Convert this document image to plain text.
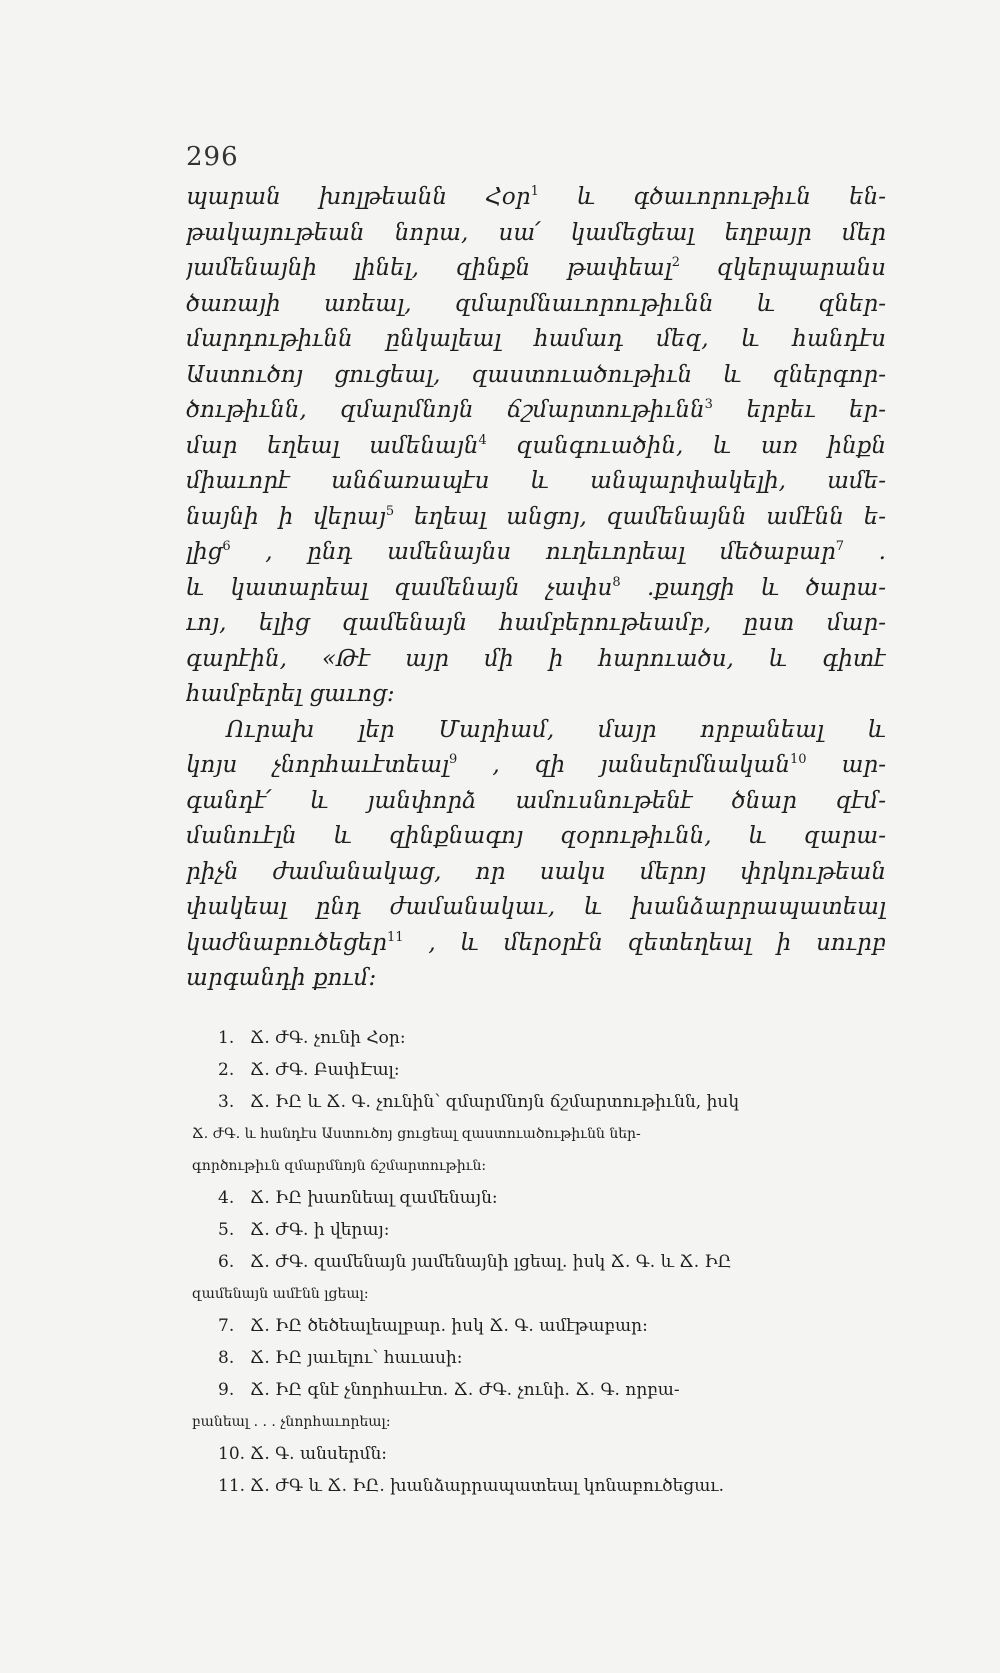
296
պարան խոլթեանն Հօր$^1$ և գծաւորութիւն են-
թակայութեան նորա, սա՛ կամեցեալ եղբայր մեր
յամենայնի լինել, զինքն թափեալ$^2$ զկերպարանս
ծառայի առեալ, զմարմնաւորութիւնն և զներ-
մարդութիւնն ընկալեալ համադ մեզ, և հանդէս
Աստուծոյ ցուցեալ, զաստուածութիւն և զներգոր-
ծութիւնն, զմարմնոյն ճշմարտութիւնն$^3$ երբեւ եր-
մար եղեալ ամենայն$^4$ զանգուածին, և առ ինքն
միաւորէ անճառապէս և անպարփակելի, ամե-
նայնի ի վերայ$^5$ եղեալ անցոյ, զամենայնն ամէնն ե-
լից$^6$ , ընդ ամենայնս ուղեւորեալ մեծաբար$^7$ .
և կատարեալ զամենայն չափս$^8$ .քաղցի և ծարա-
ւոյ, ելից զամենայն համբերութեամբ, ըստ մար-
գարէին, «Թէ այր մի ի հարուածս, և գիտէ
համբերել ցաւոց:
Ուրախ լեր Մարիամ, մայր որբանեալ և
կոյս չնորհաւէտեալ$^9$ , զի յանսերմնական$^{10}$ ար-
գանդէ՛ և յանփորձ ամուսնութենէ ծնար զէմ-
մանուէլն և զինքնագոյ զօրութիւնն, և զարա-
րիչն ժամանակաց, որ սակս մերոյ փրկութեան
փակեալ ընդ ժամանակաւ, և խանձարրապատեալ
կաժնաբուծեցեր$^{11}$ , և մերօրէն զետեղեալ ի սուրբ
արգանդի քում:
1. Ճ. ԺԳ. չունի Հօր:
2. Ճ. ԺԳ. ԲափԷալ:
3. Ճ. ԻԸ և Ճ. Գ. չունին՝ զմարմնոյն ճշմարտութիւնն, իսկ
Ճ. ԺԳ. և հանդէս Աստուծոյ ցուցեալ զաստուածութիւնն ներ-
գործութիւն զմարմնոյն ճշմարտութիւն:
4. Ճ. ԻԸ խառնեալ զամենայն:
5. Ճ. ԺԳ. ի վերայ:
6. Ճ. ԺԳ. զամենայն յամենայնի լցեալ. իսկ Ճ. Գ. և Ճ. ԻԸ
զամենայն ամէնն լցեալ:
7. Ճ. ԻԸ ծեծեալեալբար. իսկ Ճ. Գ. ամէթաբար:
8. Ճ. ԻԸ յաւելու՝ հաւասի:
9. Ճ. ԻԸ գնէ չնորհաւէտ. Ճ. ԺԳ. չունի. Ճ. Գ. որբա-
բանեալ . . . չնորհաւորեալ:
10. Ճ. Գ. անսերմն:
11. Ճ. ԺԳ և Ճ. ԻԸ. խանձարրապատեալ կոնաբուծեցաւ.
